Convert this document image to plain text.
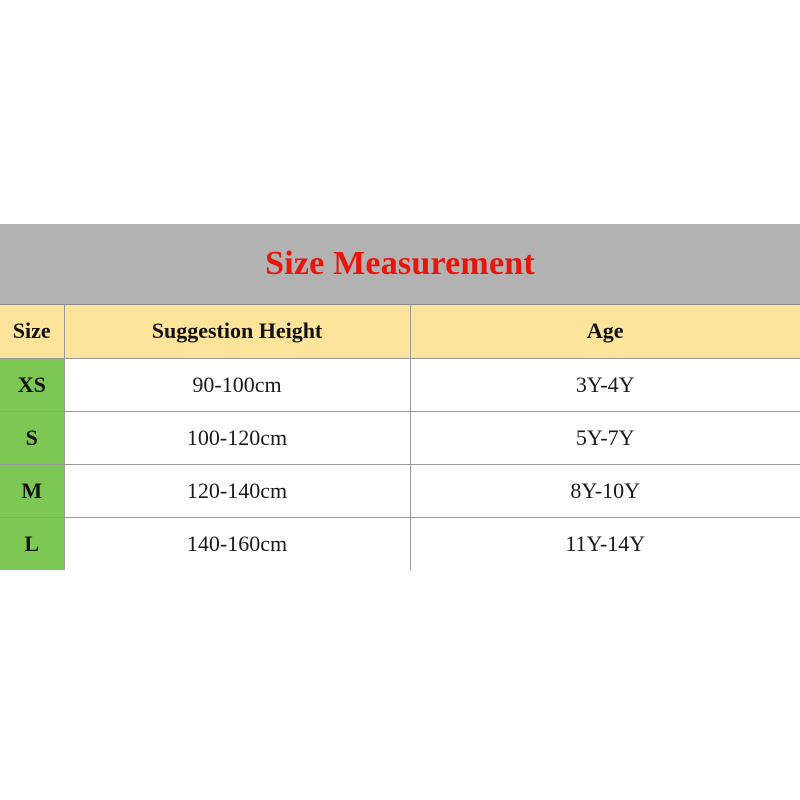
Size Measurement
Size	Suggestion Height	Age
XS	90-100cm	3Y-4Y
S	100-120cm	5Y-7Y
M	120-140cm	8Y-10Y
L	140-160cm	11Y-14Y
